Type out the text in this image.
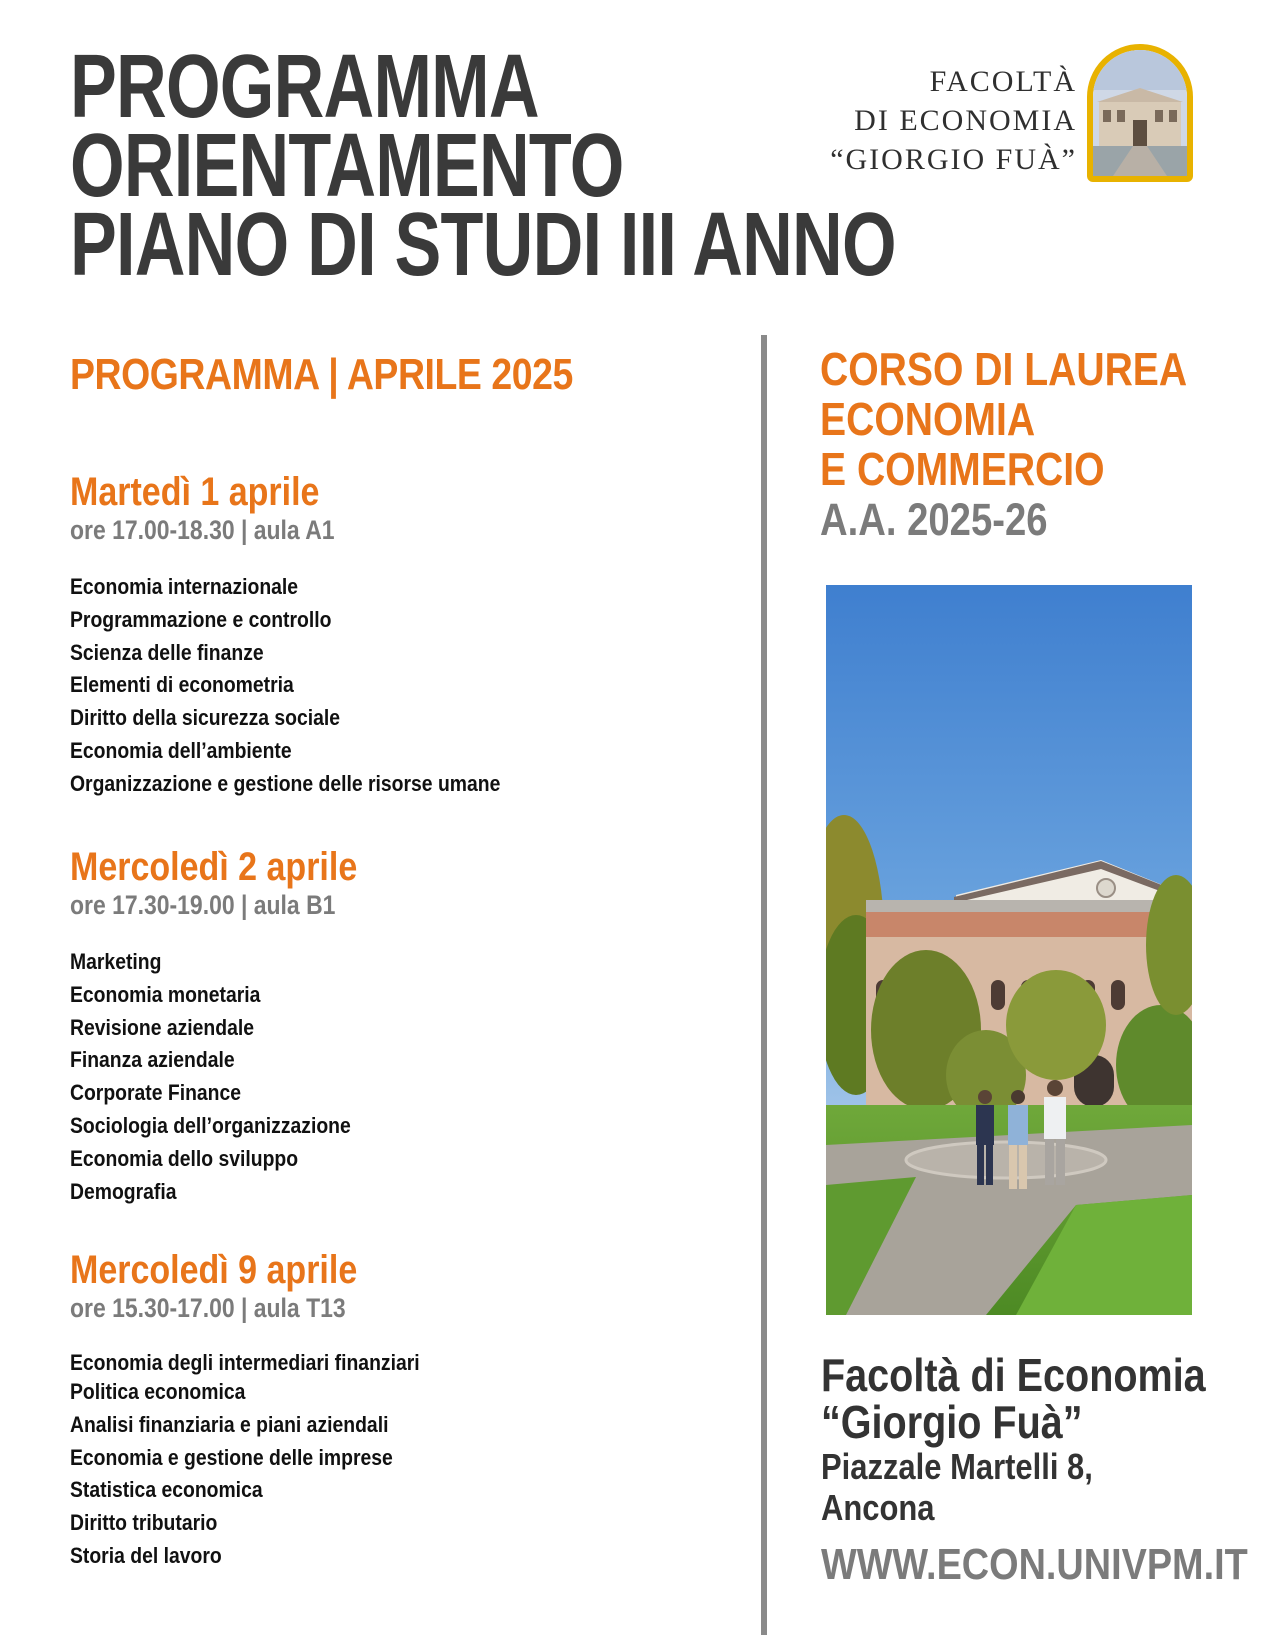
PROGRAMMA
ORIENTAMENTO
PIANO DI STUDI III ANNO
FACOLTÀ
DI ECONOMIA
“GIORGIO FUÀ”
PROGRAMMA | APRILE 2025
Martedì 1 aprile
ore 17.00-18.30 | aula A1
Economia internazionale
Programmazione e controllo
Scienza delle finanze
Elementi di econometria
Diritto della sicurezza sociale
Economia dell’ambiente
Organizzazione e gestione delle risorse umane
Mercoledì 2 aprile
ore 17.30-19.00 | aula B1
Marketing
Economia monetaria
Revisione aziendale
Finanza aziendale
Corporate Finance
Sociologia dell’organizzazione
Economia dello sviluppo
Demografia
Mercoledì 9 aprile
ore 15.30-17.00 | aula T13
Economia degli intermediari finanziari
Politica economica
Analisi finanziaria e piani aziendali
Economia e gestione delle imprese
Statistica economica
Diritto tributario
Storia del lavoro
CORSO DI LAUREA
ECONOMIA
E COMMERCIO
A.A. 2025-26
Facoltà di Economia
“Giorgio Fuà”
Piazzale Martelli 8,
Ancona
WWW.ECON.UNIVPM.IT
